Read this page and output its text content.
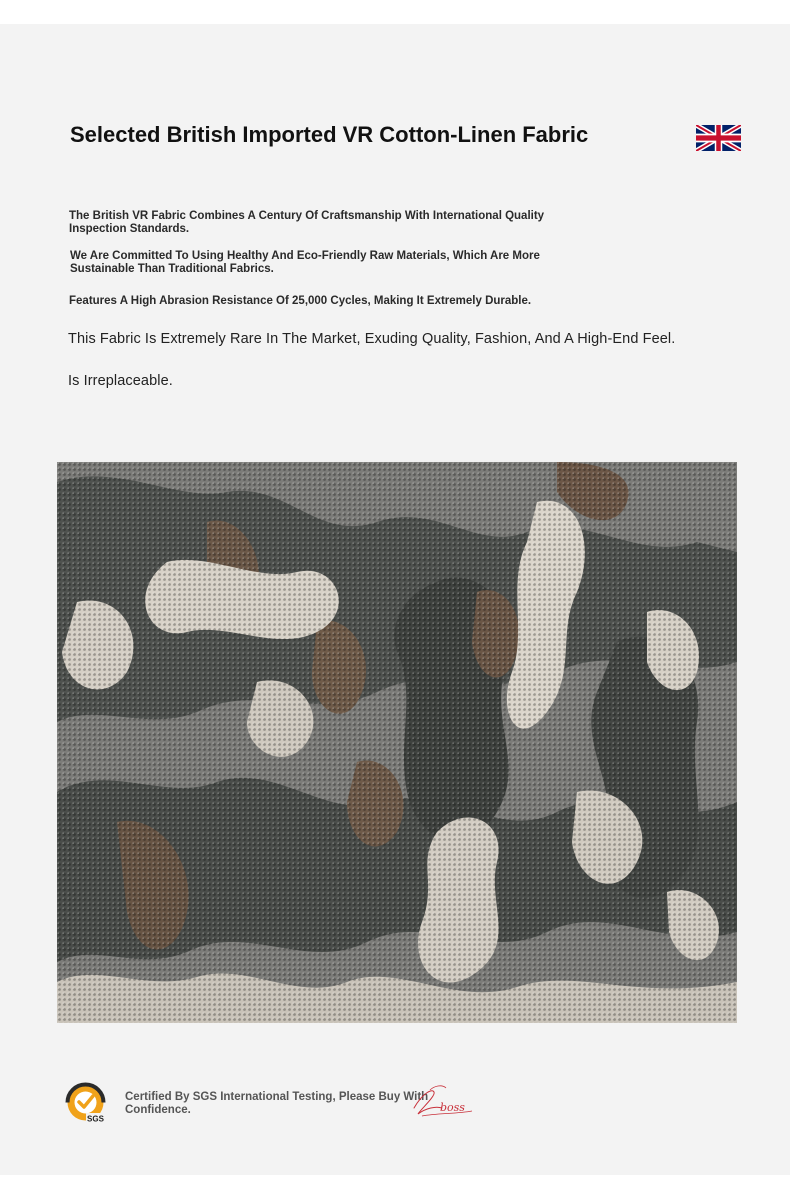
Selected British Imported VR Cotton-Linen Fabric
The British VR Fabric Combines A Century Of Craftsmanship With International Quality Inspection Standards.
We Are Committed To Using Healthy And Eco-Friendly Raw Materials, Which Are More Sustainable Than Traditional Fabrics.
Features A High Abrasion Resistance Of 25,000 Cycles, Making It Extremely Durable.
This Fabric Is Extremely Rare In The Market, Exuding Quality, Fashion, And A High-End Feel.
Is Irreplaceable.
SGS
Certified By SGS International Testing, Please Buy With Confidence.	boss
